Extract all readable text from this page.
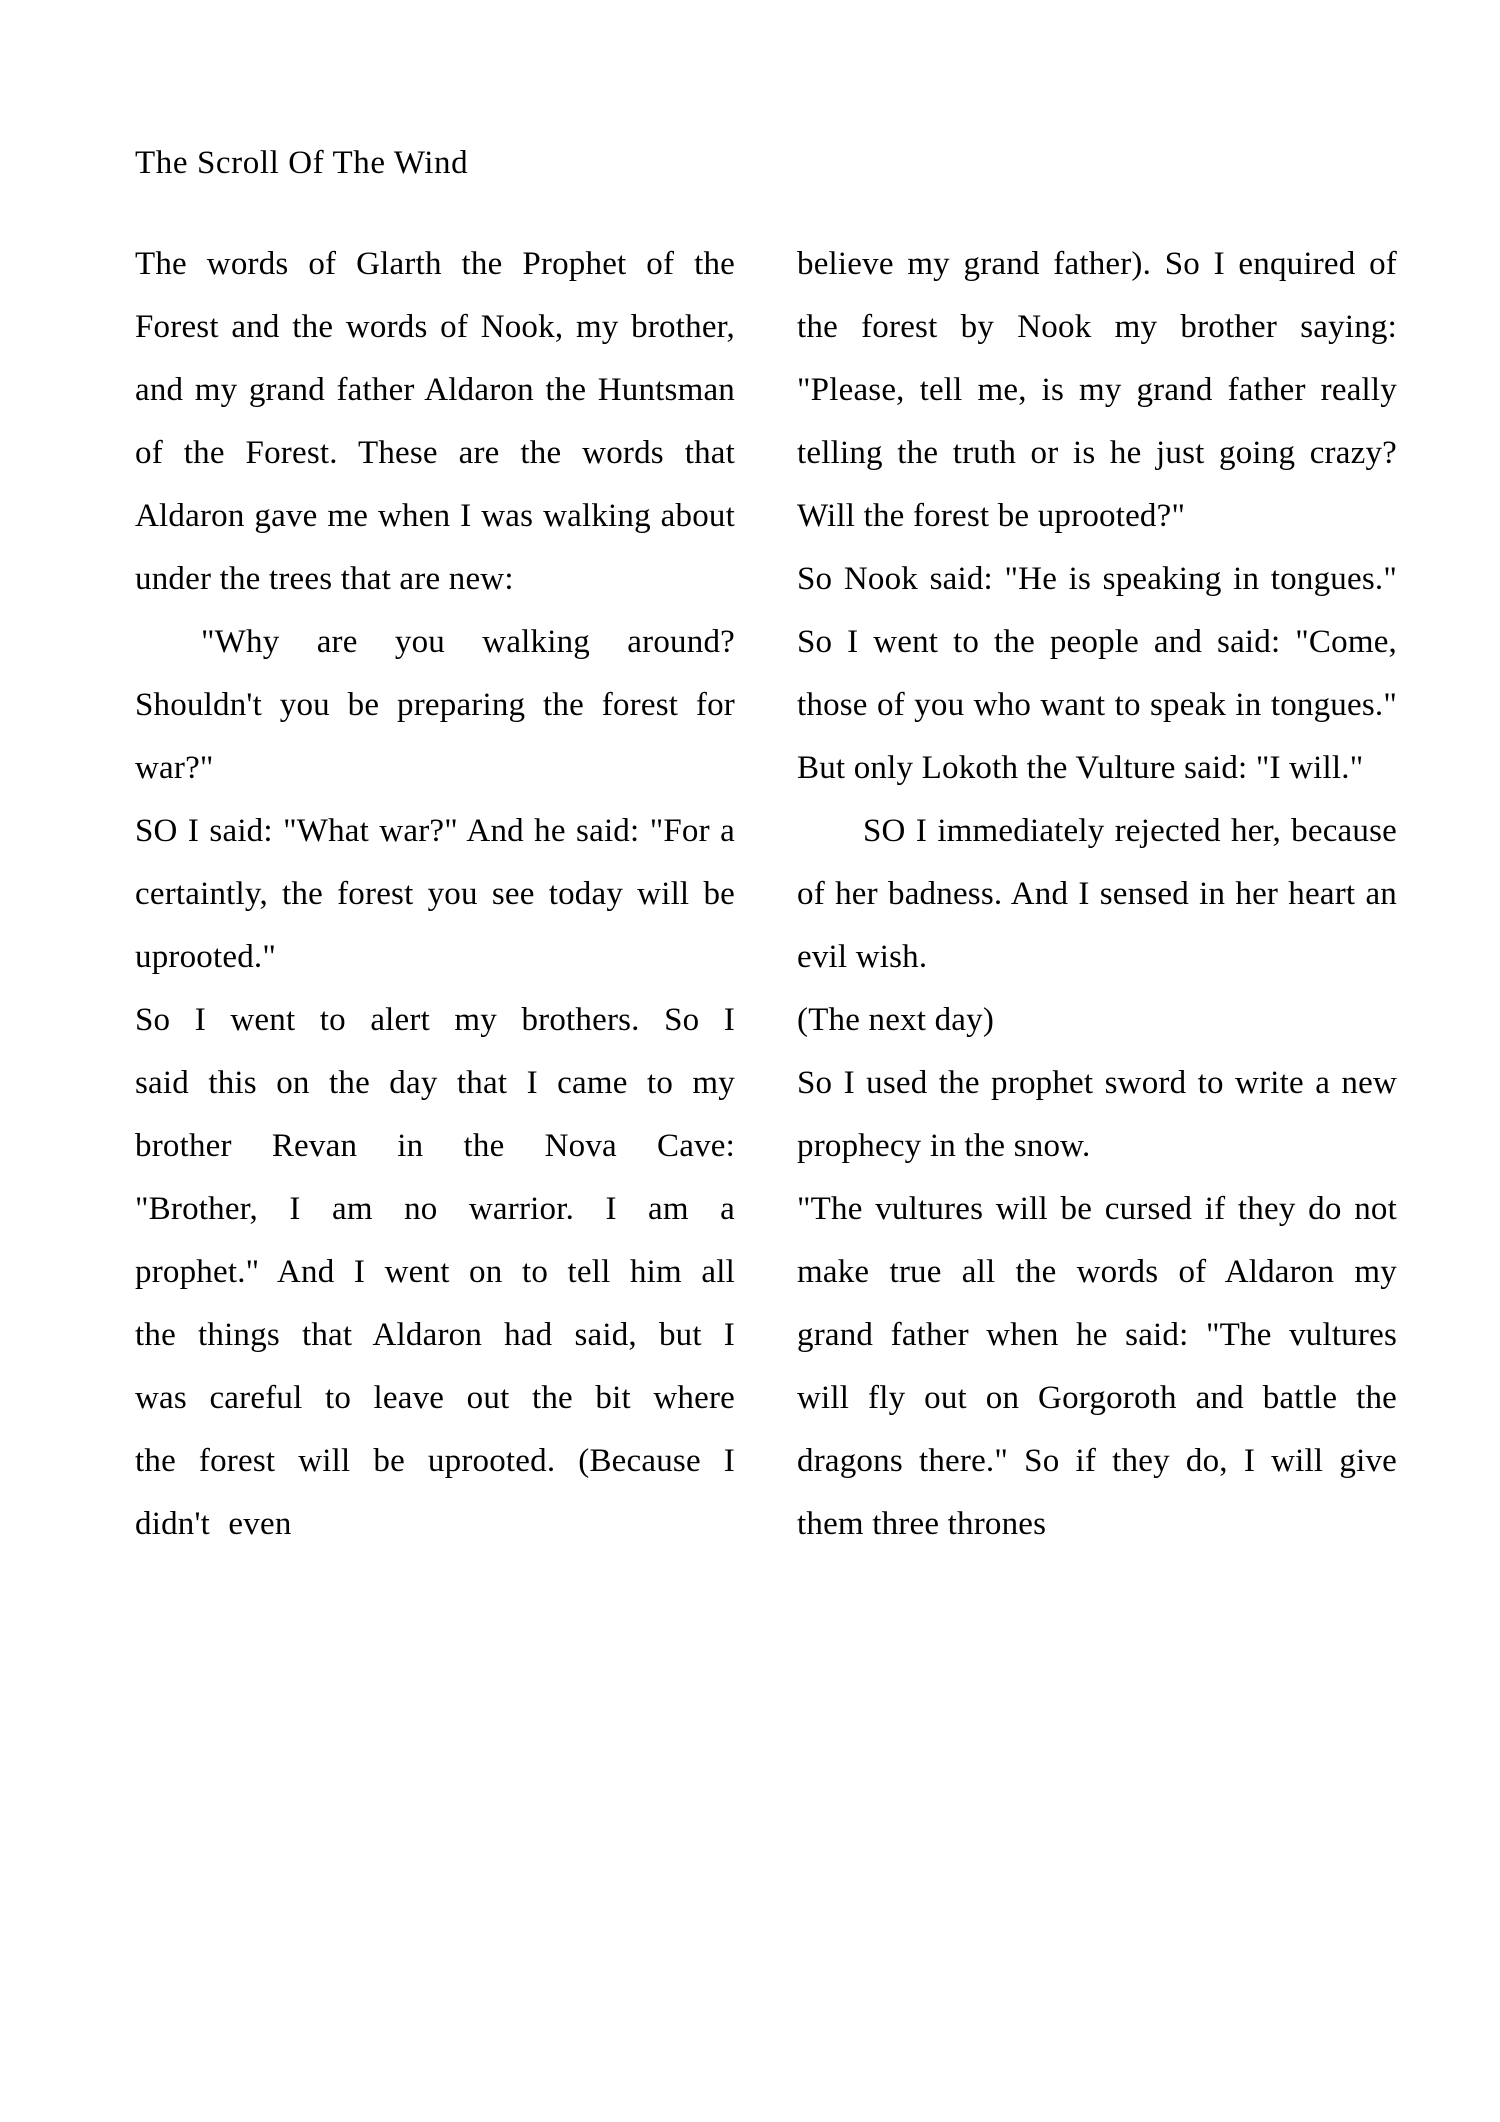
The Scroll Of The Wind

The words of Glarth the Prophet of the Forest and the words of Nook, my brother, and my grand father Aldaron the Huntsman of the Forest. These are the words that Aldaron gave me when I was walking about under the trees that are new:

"Why are you walking around? Shouldn't you be preparing the forest for war?"

SO I said: "What war?" And he said: "For a certaintly, the forest you see today will be uprooted."

So I went to alert my brothers. So I said this on the day that I came to my brother Revan in the Nova Cave: "Brother, I am no warrior. I am a prophet." And I went on to tell him all the things that Aldaron had said, but I was careful to leave out the bit where the forest will be uprooted. (Because I didn't even

believe my grand father). So I enquired of the forest by Nook my brother saying: "Please, tell me, is my grand father really telling the truth or is he just going crazy? Will the forest be uprooted?"

So Nook said: "He is speaking in tongues." So I went to the people and said: "Come, those of you who want to speak in tongues." But only Lokoth the Vulture said: "I will."

SO I immediately rejected her, because of her badness. And I sensed in her heart an evil wish.

(The next day)

So I used the prophet sword to write a new prophecy in the snow.

"The vultures will be cursed if they do not make true all the words of Aldaron my grand father when he said: "The vultures will fly out on Gorgoroth and battle the dragons there." So if they do, I will give them three thrones
